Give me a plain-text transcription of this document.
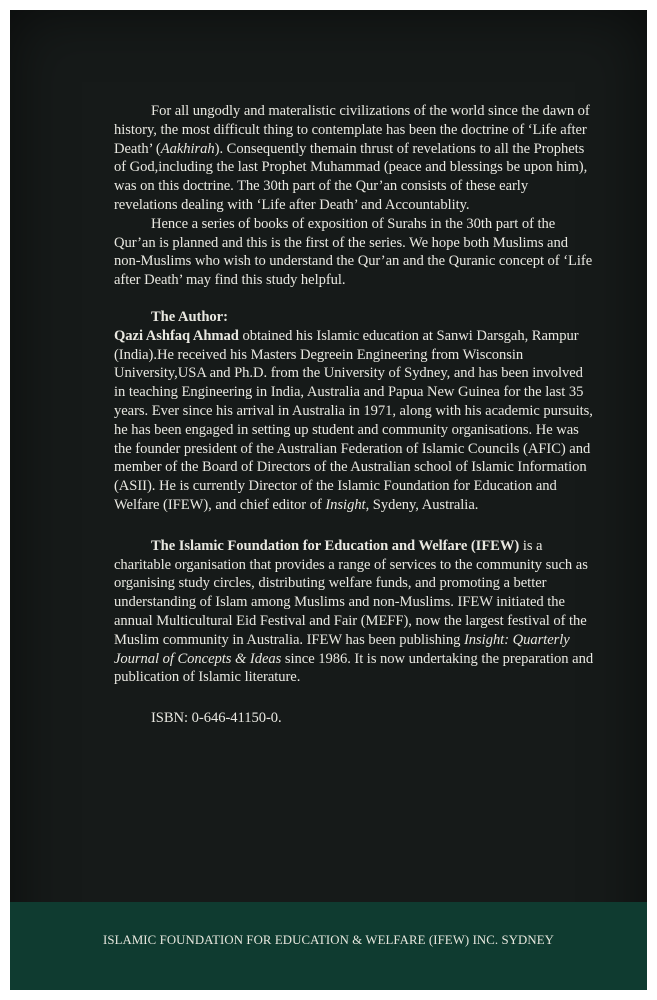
For all ungodly and materalistic civilizations of the world since the dawn of history, the most difficult thing to contemplate has been the doctrine of ‘Life after Death’ (Aakhirah). Consequently themain thrust of revelations to all the Prophets of God,including the last Prophet Muhammad (peace and blessings be upon him), was on this doctrine. The 30th part of the Qur’an consists of these early revelations dealing with ‘Life after Death’ and Accountablity.

Hence a series of books of exposition of Surahs in the 30th part of the Qur’an is planned and this is the first of the series. We hope both Muslims and non-Muslims who wish to understand the Qur’an and the Quranic concept of ‘Life after Death’ may find this study helpful.

The Author:

Qazi Ashfaq Ahmad obtained his Islamic education at Sanwi Darsgah, Rampur (India).He received his Masters Degreein Engineering from Wisconsin University,USA and Ph.D. from the University of Sydney, and has been involved in teaching Engineering in India, Australia and Papua New Guinea for the last 35 years. Ever since his arrival in Australia in 1971, along with his academic pursuits, he has been engaged in setting up student and community organisations. He was the founder president of the Australian Federation of Islamic Councils (AFIC) and member of the Board of Directors of the Australian school of Islamic Information (ASII). He is currently Director of the Islamic Foundation for Education and Welfare (IFEW), and chief editor of Insight, Sydeny, Australia.

The Islamic Foundation for Education and Welfare (IFEW) is a charitable organisation that provides a range of services to the community such as organising study circles, distributing welfare funds, and promoting a better understanding of Islam among Muslims and non-Muslims. IFEW initiated the annual Multicultural Eid Festival and Fair (MEFF), now the largest festival of the Muslim community in Australia. IFEW has been publishing Insight: Quarterly Journal of Concepts & Ideas since 1986. It is now undertaking the preparation and publication of Islamic literature.

ISBN: 0-646-41150-0.

ISLAMIC FOUNDATION FOR EDUCATION & WELFARE (IFEW) INC. SYDNEY
